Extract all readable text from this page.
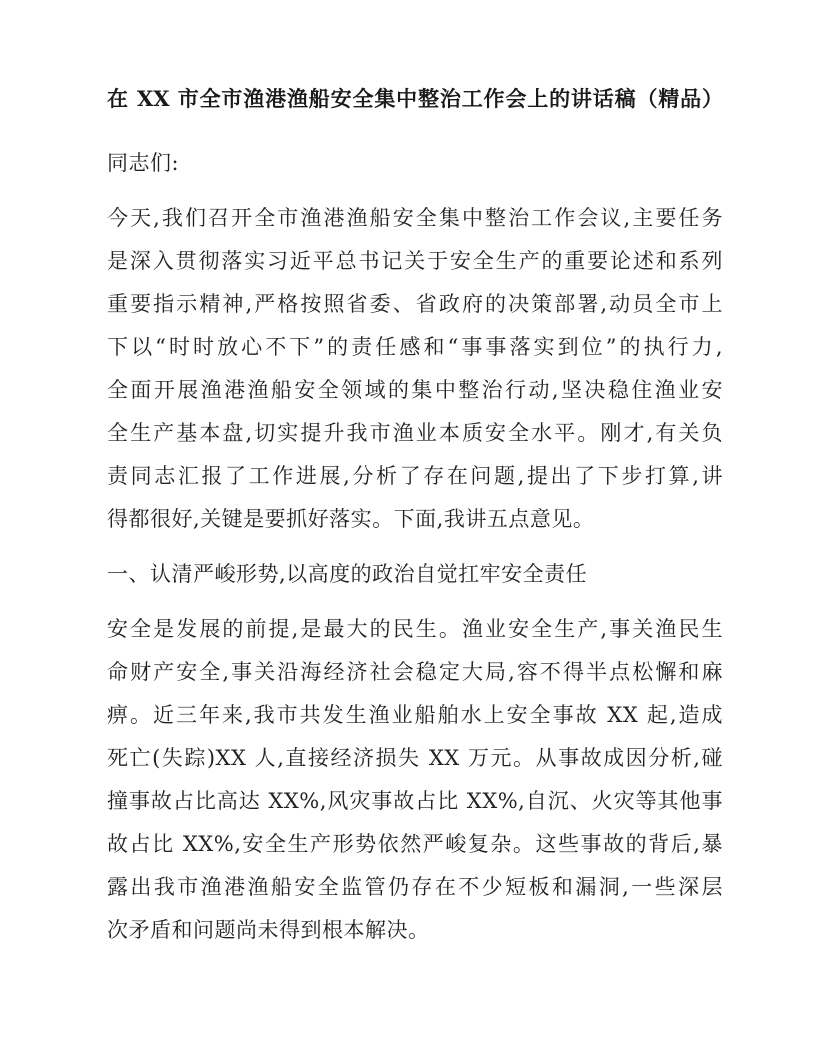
在 XX 市全市渔港渔船安全集中整治工作会上的讲话稿（精品）

同志们:

今天,我们召开全市渔港渔船安全集中整治工作会议,主要任务

是深入贯彻落实习近平总书记关于安全生产的重要论述和系列

重要指示精神,严格按照省委、省政府的决策部署,动员全市上

下以“时时放心不下”的责任感和“事事落实到位”的执行力,

全面开展渔港渔船安全领域的集中整治行动,坚决稳住渔业安

全生产基本盘,切实提升我市渔业本质安全水平。刚才,有关负

责同志汇报了工作进展,分析了存在问题,提出了下步打算,讲

得都很好,关键是要抓好落实。下面,我讲五点意见。

一、认清严峻形势,以高度的政治自觉扛牢安全责任

安全是发展的前提,是最大的民生。渔业安全生产,事关渔民生

命财产安全,事关沿海经济社会稳定大局,容不得半点松懈和麻

痹。近三年来,我市共发生渔业船舶水上安全事故 XX 起,造成

死亡(失踪)XX 人,直接经济损失 XX 万元。从事故成因分析,碰

撞事故占比高达 XX%,风灾事故占比 XX%,自沉、火灾等其他事

故占比 XX%,安全生产形势依然严峻复杂。这些事故的背后,暴

露出我市渔港渔船安全监管仍存在不少短板和漏洞,一些深层

次矛盾和问题尚未得到根本解决。
